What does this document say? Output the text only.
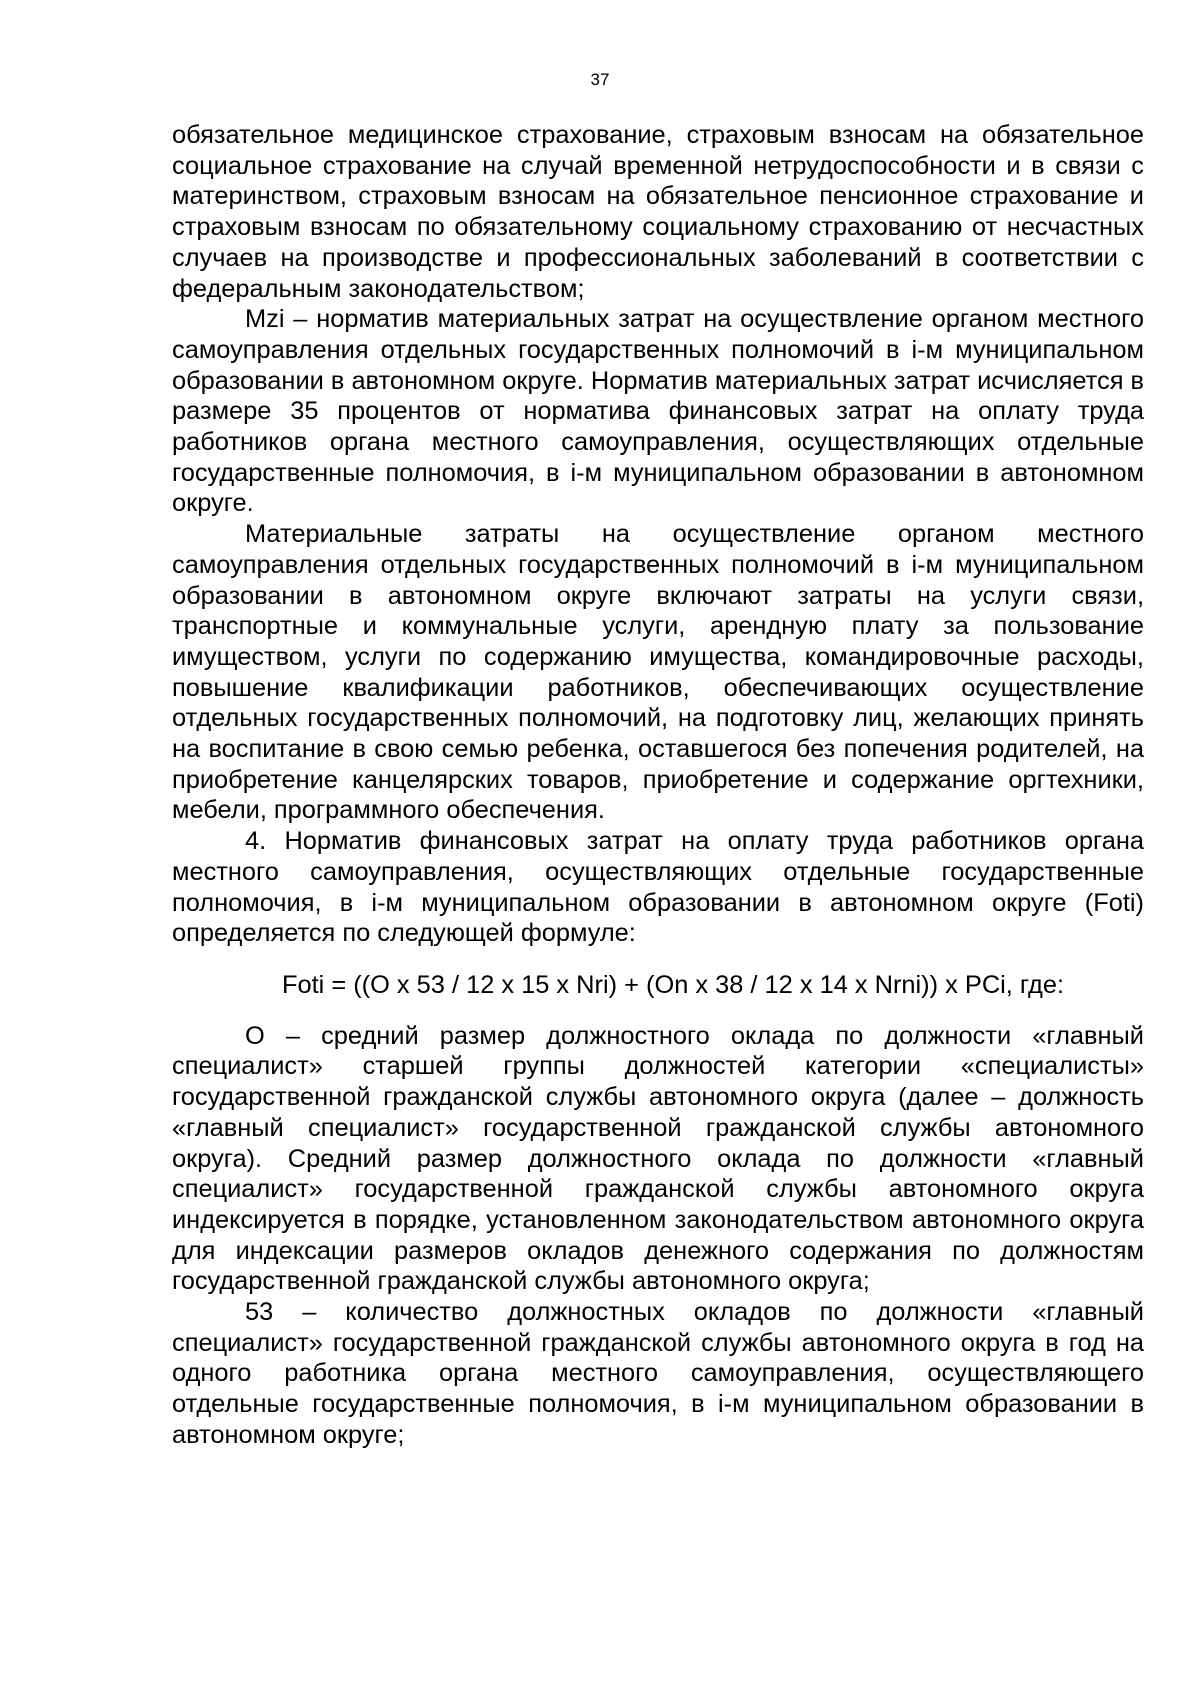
37

обязательное медицинское страхование, страховым взносам на обязательное социальное страхование на случай временной нетрудоспособности и в связи с материнством, страховым взносам на обязательное пенсионное страхование и страховым взносам по обязательному социальному страхованию от несчастных случаев на производстве и профессиональных заболеваний в соответствии с федеральным законодательством;

Mzi – норматив материальных затрат на осуществление органом местного самоуправления отдельных государственных полномочий в i-м муниципальном образовании в автономном округе. Норматив материальных затрат исчисляется в размере 35 процентов от норматива финансовых затрат на оплату труда работников органа местного самоуправления, осуществляющих отдельные государственные полномочия, в i-м муниципальном образовании в автономном округе.

Материальные затраты на осуществление органом местного самоуправления отдельных государственных полномочий в i-м муниципальном образовании в автономном округе включают затраты на услуги связи, транспортные и коммунальные услуги, арендную плату за пользование имуществом, услуги по содержанию имущества, командировочные расходы, повышение квалификации работников, обеспечивающих осуществление отдельных государственных полномочий, на подготовку лиц, желающих принять на воспитание в свою семью ребенка, оставшегося без попечения родителей, на приобретение канцелярских товаров, приобретение и содержание оргтехники, мебели, программного обеспечения.

4. Норматив финансовых затрат на оплату труда работников органа местного самоуправления, осуществляющих отдельные государственные полномочия, в i-м муниципальном образовании в автономном округе (Foti) определяется по следующей формуле:

Foti = ((O x 53 / 12 x 15 x Nri) + (On x 38 / 12 x 14 x Nrni)) x PCi, где:

O – средний размер должностного оклада по должности «главный специалист» старшей группы должностей категории «специалисты» государственной гражданской службы автономного округа (далее – должность «главный специалист» государственной гражданской службы автономного округа). Средний размер должностного оклада по должности «главный специалист» государственной гражданской службы автономного округа индексируется в порядке, установленном законодательством автономного округа для индексации размеров окладов денежного содержания по должностям государственной гражданской службы автономного округа;

53 – количество должностных окладов по должности «главный специалист» государственной гражданской службы автономного округа в год на одного работника органа местного самоуправления, осуществляющего отдельные государственные полномочия, в i-м муниципальном образовании в автономном округе;
